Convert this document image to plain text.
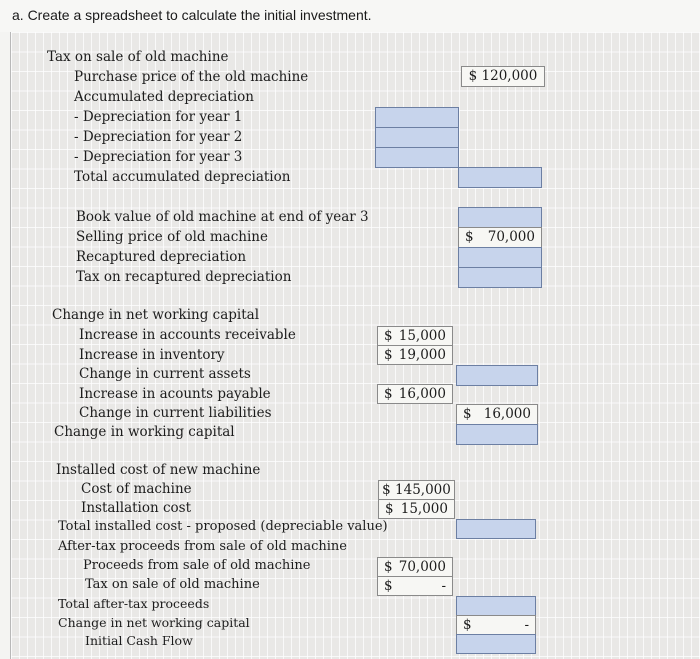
a. Create a spreadsheet to calculate the initial investment.
Tax on sale of old machine
Purchase price of the old machine	$ 120,000
Accumulated depreciation
- Depreciation for year 1
- Depreciation for year 2
- Depreciation for year 3
Total accumulated depreciation
Book value of old machine at end of year 3
Selling price of old machine	$ 70,000
Recaptured depreciation
Tax on recaptured depreciation
Change in net working capital
Increase in accounts receivable	$ 15,000
Increase in inventory	$ 19,000
Change in current assets
Increase in acounts payable	$ 16,000
Change in current liabilities	$ 16,000
Change in working capital
Installed cost of new machine
Cost of machine	$ 145,000
Installation cost	$ 15,000
Total installed cost - proposed (depreciable value)
After-tax proceeds from sale of old machine
Proceeds from sale of old machine	$ 70,000
Tax on sale of old machine	$	-
Total after-tax proceeds
Change in net working capital	$	-
Initial Cash Flow
